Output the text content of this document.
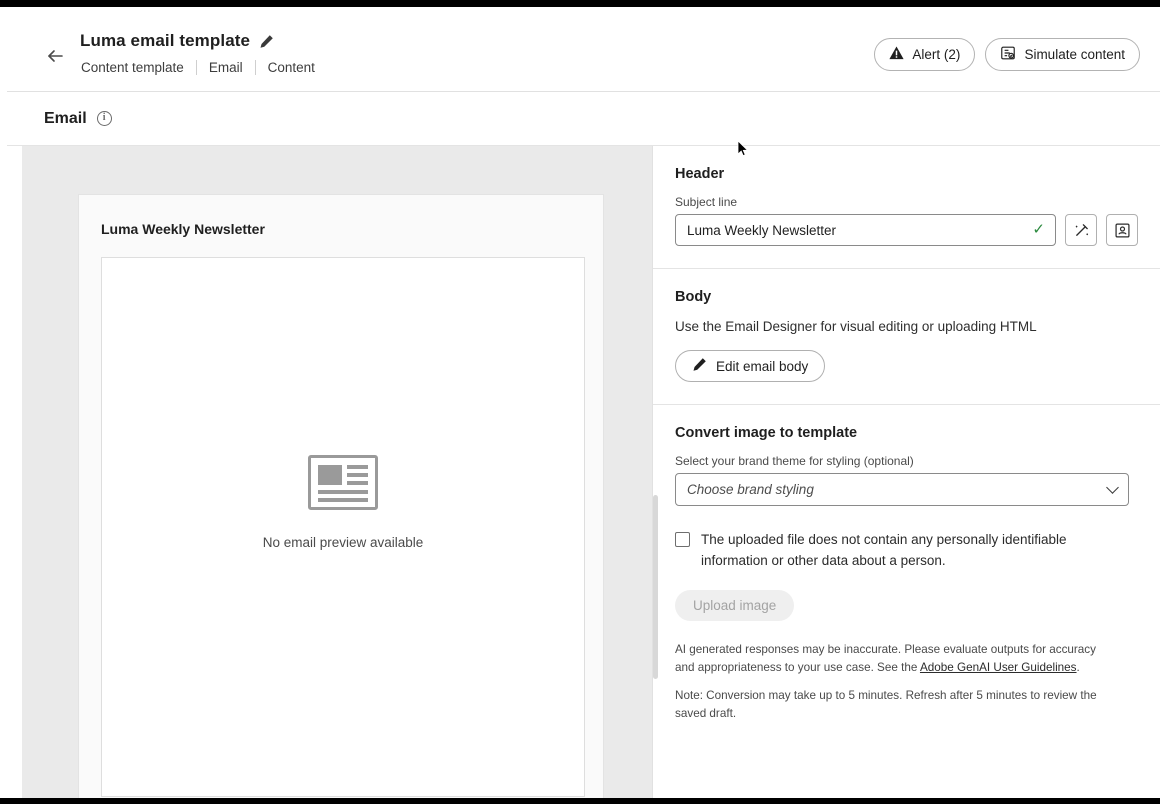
Luma email template
Content template Email Content
Alert (2)	Simulate content
Email	i
Luma Weekly Newsletter
No email preview available
Header
Subject line
Luma Weekly Newsletter	✓
Body
Use the Email Designer for visual editing or uploading HTML
Edit email body
Convert image to template
Select your brand theme for styling (optional)
Choose brand styling
The uploaded file does not contain any personally identifiable information or other data about a person.
Upload image
AI generated responses may be inaccurate. Please evaluate outputs for accuracy and appropriateness to your use case. See the Adobe GenAI User Guidelines.
Note: Conversion may take up to 5 minutes. Refresh after 5 minutes to review the saved draft.
